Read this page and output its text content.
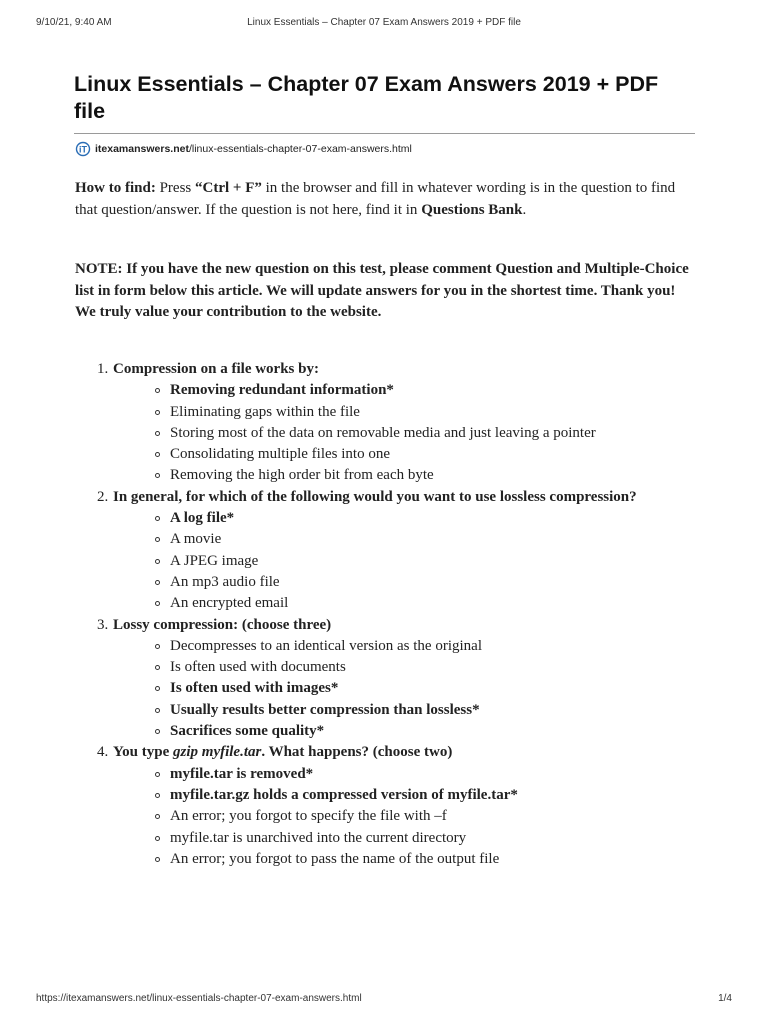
9/10/21, 9:40 AM	Linux Essentials – Chapter 07 Exam Answers 2019 + PDF file
Linux Essentials – Chapter 07 Exam Answers 2019 + PDF file
iT itexamanswers.net /linux-essentials-chapter-07-exam-answers.html

How to find: Press “Ctrl + F” in the browser and fill in whatever wording is in the question to find that question/answer. If the question is not here, find it in Questions Bank.

NOTE: If you have the new question on this test, please comment Question and Multiple-Choice list in form below this article. We will update answers for you in the shortest time. Thank you! We truly value your contribution to the website.

1. Compression on a file works by:
Removing redundant information*
Eliminating gaps within the file
Storing most of the data on removable media and just leaving a pointer
Consolidating multiple files into one
Removing the high order bit from each byte
2. In general, for which of the following would you want to use lossless compression?
A log file*
A movie
A JPEG image
An mp3 audio file
An encrypted email
3. Lossy compression: (choose three)
Decompresses to an identical version as the original
Is often used with documents
Is often used with images*
Usually results better compression than lossless*
Sacrifices some quality*
4. You type gzip myfile.tar. What happens? (choose two)
myfile.tar is removed*
myfile.tar.gz holds a compressed version of myfile.tar*
An error; you forgot to specify the file with –f
myfile.tar is unarchived into the current directory
An error; you forgot to pass the name of the output file
https://itexamanswers.net/linux-essentials-chapter-07-exam-answers.html	1/4
